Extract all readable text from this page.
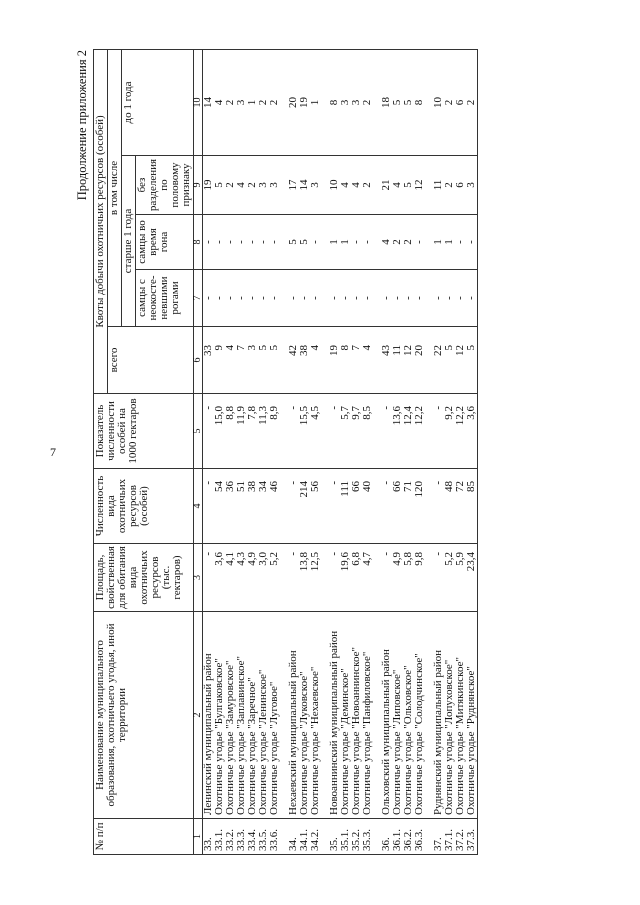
7
Продолжение приложения 2
№ п/п	Наименование муниципального образования, охотничьего угодья, иной территории	Площадь, свойственная для обитания вида охотничьих ресурсов (тыс. гектаров)	Численность вида охотничьих ресурсов (особей)	Показатель численности особей на 1000 гектаров	Квоты добычи охотничьих ресурсов (особей)				
					всего	в том числе			
						старше 1 года			до 1 года
						самцы с неокосте-невшими рогами	самцы во время гона	без разделения по половому признаку	
1	2	3	4	5	6	7	8	9	10
33.	Ленинский муниципальный район	-	-	-	33	-	-	19	14
33.1.	Охотничье угодье "Булгаковское"	3,6	54	15,0	9	-	-	5	4
33.2.	Охотничье угодье "Замуровское"	4,1	36	8,8	4	-	-	2	2
33.3.	Охотничье угодье "Заплавинское"	4,3	51	11,9	7	-	-	4	3
33.4.	Охотничье угодье "Заречное"	4,9	38	7,8	3	-	-	2	1
33.5.	Охотничье угодье "Ленинское"	3,0	34	11,3	5	-	-	3	2
33.6.	Охотничье угодье "Луговое"	5,2	46	8,9	5	-	-	3	2

34.	Нехаевский муниципальный район	-	-	-	42	-	5	17	20
34.1.	Охотничье угодье "Луковское"	13,8	214	15,5	38	-	5	14	19
34.2.	Охотничье угодье "Нехаевское"	12,5	56	4,5	4	-	-	3	1

35.	Новоаннинский муниципальный район	-	-	-	19	-	1	10	8
35.1.	Охотничье угодье "Деминское"	19,6	111	5,7	8	-	1	4	3
35.2.	Охотничье угодье "Новоаннинское"	6,8	66	9,7	7	-	-	4	3
35.3.	Охотничье угодье "Панфиловское"	4,7	40	8,5	4	-	-	2	2

36.	Ольховский муниципальный район	-	-	-	43	-	4	21	18
36.1.	Охотничье угодье "Липовское"	4,9	66	13,6	11	-	2	4	5
36.2.	Охотничье угодье "Ольховское"	5,8	71	12,4	12	-	2	5	5
36.3.	Охотничье угодье "Солодчинское"	9,8	120	12,2	20	-	-	12	8

37.	Руднянский муниципальный район	-	-	-	22	-	1	11	10
37.1.	Охотничье угодье "Лопуховское"	5,2	48	9,2	5	-	1	2	2
37.2.	Охотничье угодье "Митякинское"	5,9	72	12,2	12	-	-	6	6
37.3.	Охотничье угодье "Руднянское"	23,4	85	3,6	5	-	-	3	2
